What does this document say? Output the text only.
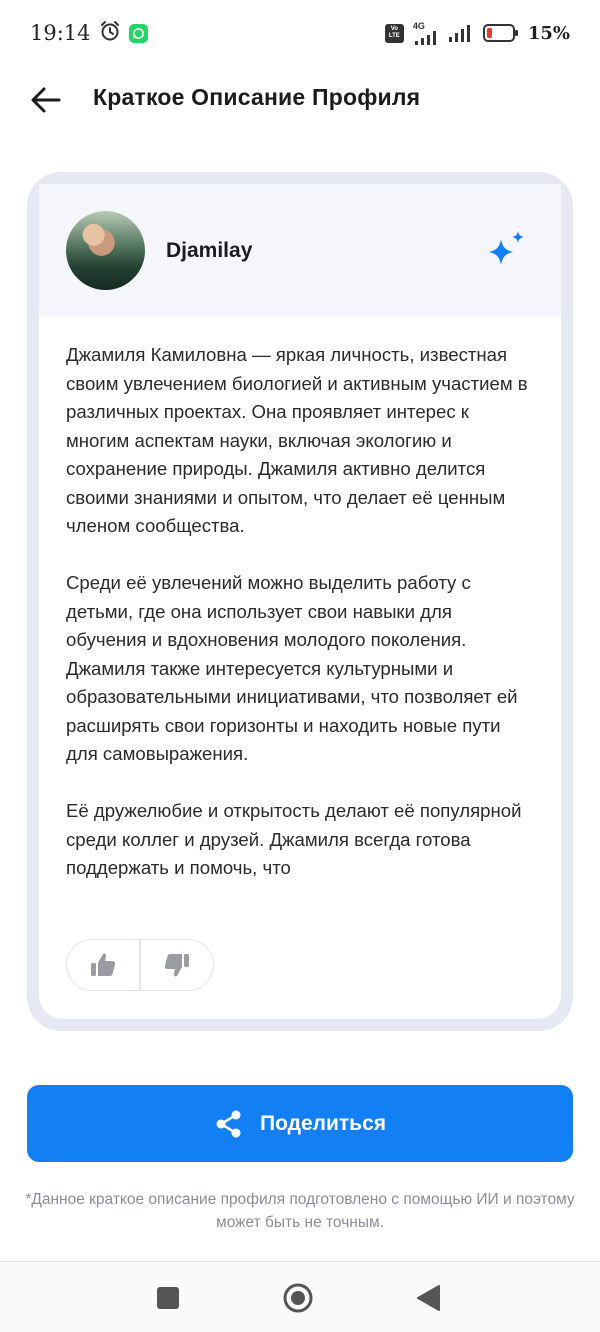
19:14	Vo LTE
4G	15%
Краткое Описание Профиля
Djamilay

Джамиля Камиловна — яркая личность, известная своим увлечением биологией и активным участием в различных проектах. Она проявляет интерес к многим аспектам науки, включая экологию и сохранение природы. Джамиля активно делится своими знаниями и опытом, что делает её ценным членом сообщества.

Среди её увлечений можно выделить работу с детьми, где она использует свои навыки для обучения и вдохновения молодого поколения. Джамиля также интересуется культурными и образовательными инициативами, что позволяет ей расширять свои горизонты и находить новые пути для самовыражения.

Её дружелюбие и открытость делают её популярной среди коллег и друзей. Джамиля всегда готова поддержать и помочь, что

Поделиться

*Данное краткое описание профиля подготовлено с помощью ИИ и поэтому может быть не точным.
